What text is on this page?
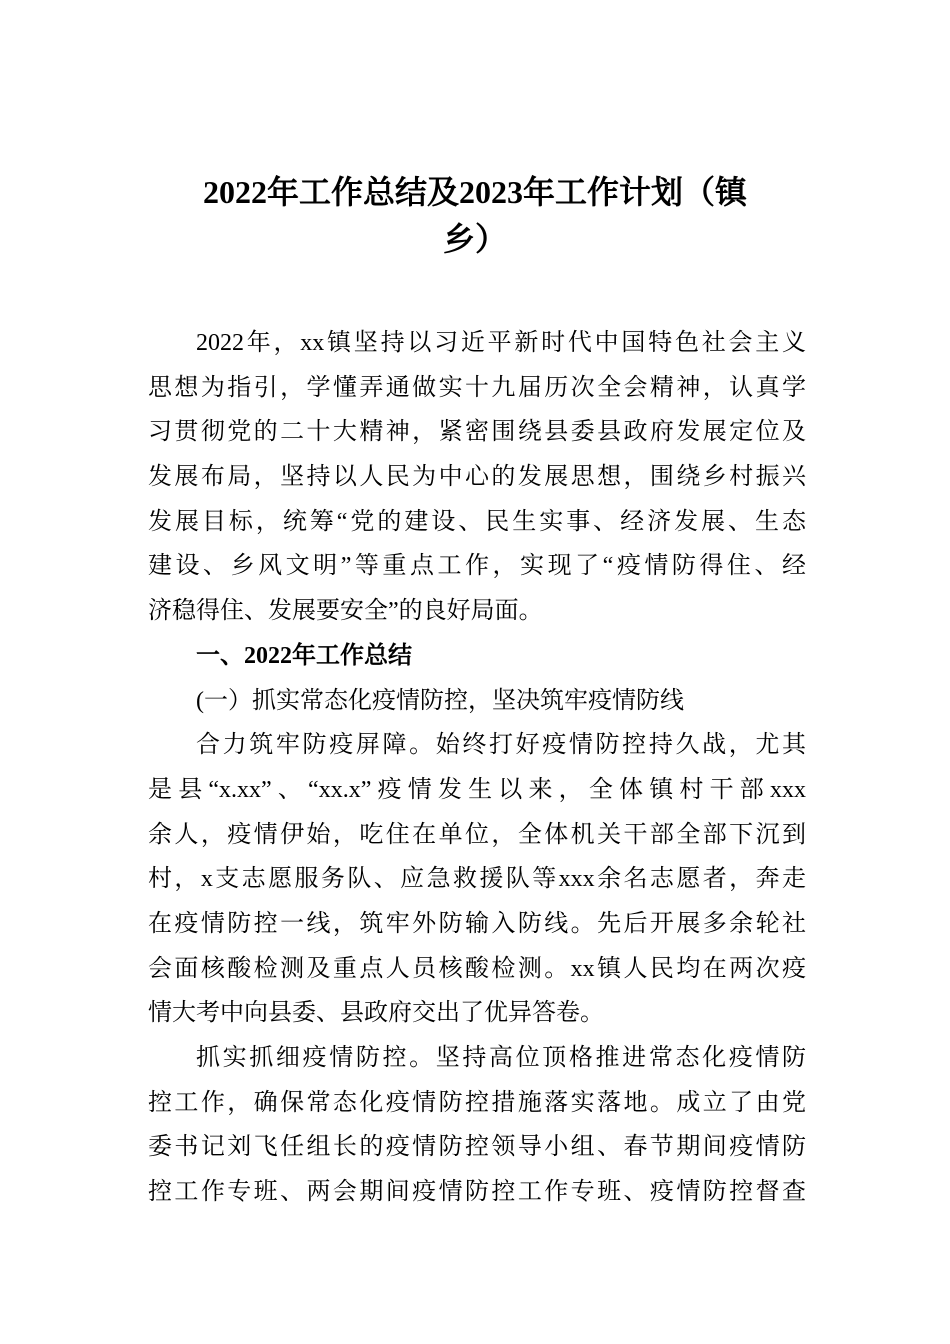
2022年工作总结及2023年工作计划（镇
乡）
2022年，xx镇坚持以习近平新时代中国特色社会主义
思想为指引，学懂弄通做实十九届历次全会精神，认真学
习贯彻党的二十大精神，紧密围绕县委县政府发展定位及
发展布局，坚持以人民为中心的发展思想，围绕乡村振兴
发展目标，统筹“党的建设、民生实事、经济发展、生态
建设、乡风文明”等重点工作，实现了“疫情防得住、经
济稳得住、发展要安全”的良好局面。
一、2022年工作总结
(一）抓实常态化疫情防控，坚决筑牢疫情防线
合力筑牢防疫屏障。始终打好疫情防控持久战，尤其
是县“x.xx”、“xx.x”疫情发生以来，全体镇村干部xxx
余人，疫情伊始，吃住在单位，全体机关干部全部下沉到
村，x支志愿服务队、应急救援队等xxx余名志愿者，奔走
在疫情防控一线，筑牢外防输入防线。先后开展多余轮社
会面核酸检测及重点人员核酸检测。xx镇人民均在两次疫
情大考中向县委、县政府交出了优异答卷。
抓实抓细疫情防控。坚持高位顶格推进常态化疫情防
控工作，确保常态化疫情防控措施落实落地。成立了由党
委书记刘飞任组长的疫情防控领导小组、春节期间疫情防
控工作专班、两会期间疫情防控工作专班、疫情防控督查
